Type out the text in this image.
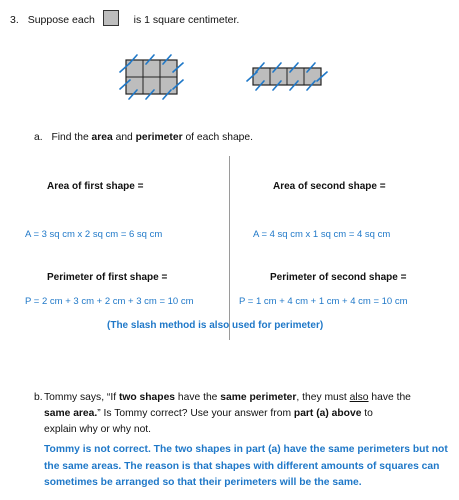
3. Suppose each	is 1 square centimeter.
a. Find the area and perimeter of each shape.
Area of first shape =
A = 3 sq cm x 2 sq cm = 6 sq cm
Perimeter of first shape =
P = 2 cm + 3 cm + 2 cm + 3 cm = 10 cm
Area of second shape =
A = 4 sq cm x 1 sq cm = 4 sq cm
Perimeter of second shape =
P = 1 cm + 4 cm + 1 cm + 4 cm = 10 cm
(The slash method is also used for perimeter)
b. Tommy says, “If two shapes have the same perimeter, they must also have the
same area.” Is Tommy correct? Use your answer from part (a) above to
explain why or why not.
Tommy is not correct. The two shapes in part (a) have the same perimeters but not the same areas. The reason is that shapes with different amounts of squares can sometimes be arranged so that their perimeters will be the same.
